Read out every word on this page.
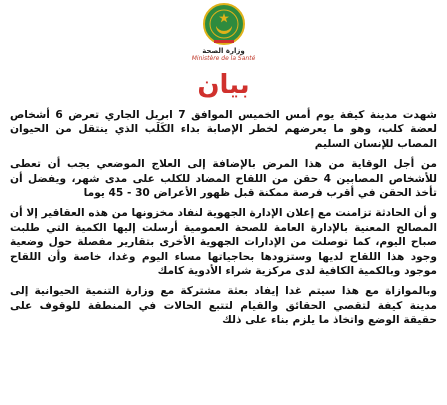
وزارة الصحة
Ministère de la Santé
بيان

شهدت مدينة كيفة يوم أمس الخميس الموافق 7 ابريل الجاري تعرض 6 أشخاص لعضة كلب، وهو ما يعرضهم لخطر الإصابة بداء الكَلَب الذي ينتقل من الحيوان المصاب للإنسان السليم

من أجل الوقاية من هذا المرض بالإضافة إلى العلاج الموضعي يجب أن تعطى للأشخاص المصابين 4 حقن من اللقاح المضاد للكلب على مدى شهر، ويفضل أن تأخذ الحقن في أقرب فرصة ممكنة قبل ظهور الأعراض 30 - 45 يوما

و أن الحادثة تزامنت مع إعلان الإدارة الجهوية لنفاد مخزونها من هذه العقاقير إلا أن المصالح المعنية بالإدارة العامة للصحة العمومية أرسلت إليها الكمية التي طلبت صباح اليوم، كما توصلت من الإدارات الجهوية الأخرى بتقارير مفصلة حول وضعية وجود هذا اللقاح لديها وستزودها بحاجياتها مساء اليوم وغدا، خاصة وأن اللقاح موجود وبالكمية الكافية لدى مركزية شراء الأدوية كامك

وبالموازاة مع هذا سيتم غدا إيفاد بعثة مشتركة مع وزارة التنمية الحيوانية إلى مدينة كيفة لتقصي الحقائق والقيام لتتبع الحالات في المنطقة للوقوف على حقيقة الوضع واتخاذ ما يلزم بناء على ذلك
